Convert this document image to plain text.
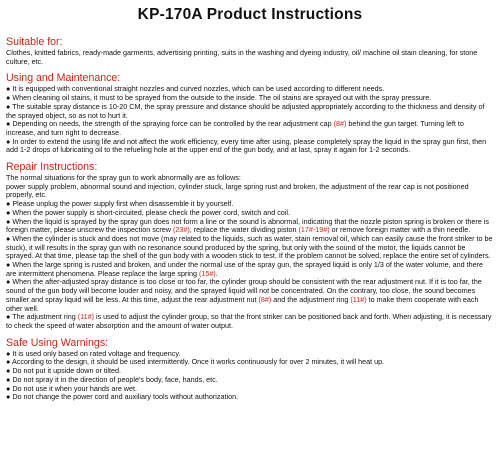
KP-170A Product Instructions
Suitable for:

Clothes, knitted fabrics, ready-made garments, advertising printing, suits in the washing and dyeing industry, oil/ machine oil stain cleaning, for stone culture, etc.

Using and Maintenance:
● It is equipped with conventional straight nozzles and curved nozzles, which can be used according to different needs.
● When cleaning oil stains, it must to be sprayed from the outside to the inside. The oil stains are sprayed out with the spray pressure.
● The suitable spray distance is 10-20 CM, the spray pressure and distance should be adjusted appropriately according to the thickness and density of the sprayed object, so as not to hurt it.
● Depending on needs, the strength of the spraying force can be controlled by the rear adjustment cap (8#) behind the gun target. Turning left to increase, and turn right to decrease.
● In order to extend the using life and not affect the work efficiency, every time after using, please completely spray the liquid in the spray gun first, then add 1-2 drops of lubricating oil to the refueling hole at the upper end of the gun body, and at last, spray it again for 1-2 seconds.
Repair Instructions:
The normal situations for the spray gun to work abnormally are as follows:
power supply problem, abnormal sound and injection, cylinder stuck, large spring rust and broken, the adjustment of the rear cap is not positioned properly, etc.
● Please unplug the power supply first when disassemble it by yourself.
● When the power supply is short-circuited, please check the power cord, switch and coil.
● When the liquid is sprayed by the spray gun does not form a line or the sound is abnormal, indicating that the nozzle piston spring is broken or there is foreign matter, please unscrew the inspection screw (23#), replace the water dividing piston (17#-19#) or remove foreign matter with a thin needle.
● When the cylinder is stuck and does not move (may related to the liquids, such as water, stain removal oil, which can easily cause the front striker to be stuck), it will results in the spray gun with no resonance sound produced by the spring, but only with the sound of the motor, the liquids cannot be sprayed. At that time, please tap the shell of the gun body with a wooden stick to test. If the problem cannot be solved, replace the entire set of cylinders.
● When the large spring is rusted and broken, and under the normal use of the spray gun, the sprayed liquid is only 1/3 of the water volume, and there are intermittent phenomena. Please replace the large spring (15#).
● When the after-adjusted spray distance is too close or too far, the cylinder group should be consistent with the rear adjustment nut. If it is too far, the sound of the gun body will become louder and noisy, and the sprayed liquid will not be concentrated. On the contrary, too close, the sound becomes smaller and spray liquid will be less. At this time, adjust the rear adjustment nut (8#) and the adjustment ring (11#) to make them cooperate with each other well.
● The adjustment ring (11#) is used to adjust the cylinder group, so that the front striker can be positioned back and forth. When adjusting, it is necessary to check the speed of water absorption and the amount of water output.
Safe Using Warnings:
● It is used only based on rated voltage and frequency.
● According to the design, it should be used intermittently. Once it works continuously for over 2 minutes, it will heat up.
● Do not put it upside down or tilted.
● Do not spray it in the direction of people's body, face, hands, etc.
● Do not use it when your hands are wet.
● Do not change the power cord and auxiliary tools without authorization.
